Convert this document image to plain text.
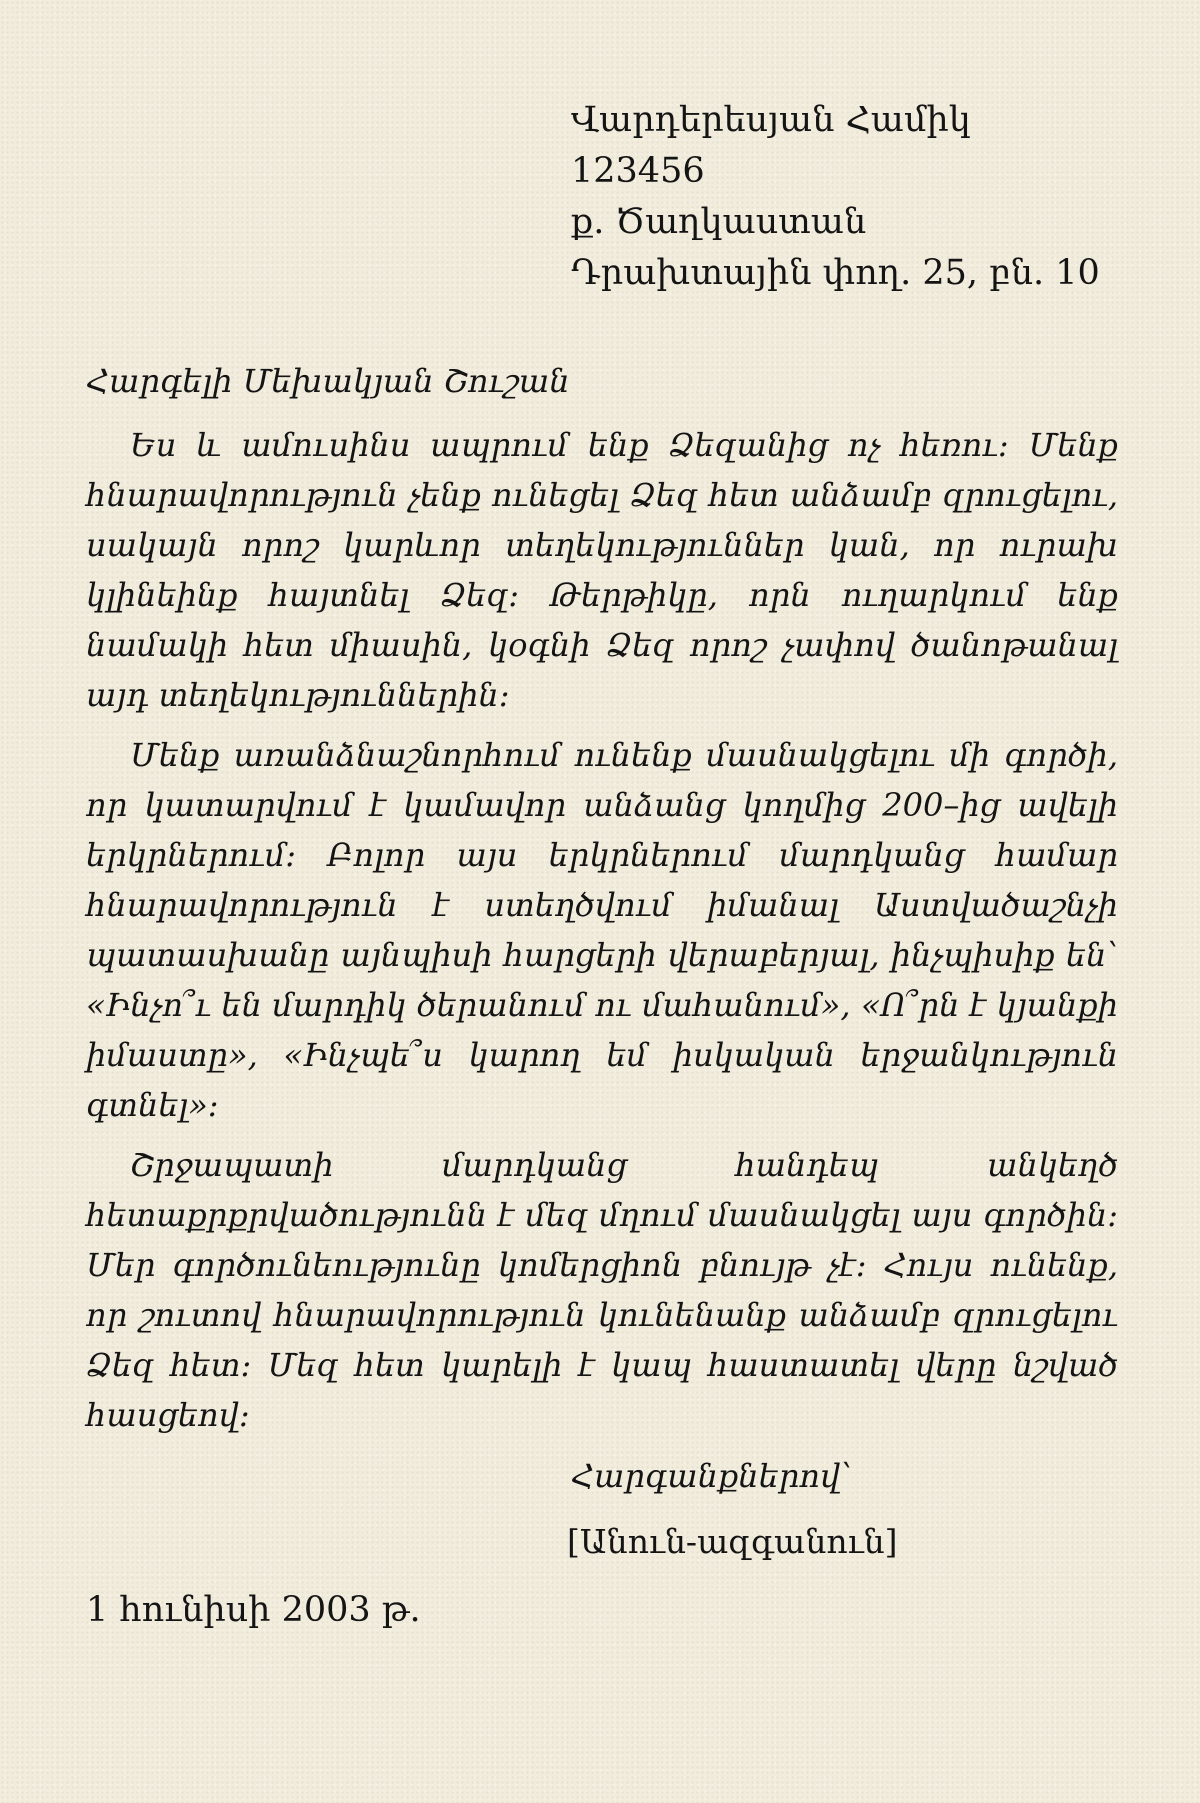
Վարդերեսյան Համիկ
123456
ք. Ծաղկաստան
Դրախտային փող. 25, բն. 10
Հարգելի Մեխակյան Շուշան

Ես և ամուսինս ապրում ենք Ձեզանից ոչ հեռու: Մենք հնարավորություն չենք ունեցել Ձեզ հետ անձամբ զրուցելու, սակայն որոշ կարևոր տեղեկություններ կան, որ ուրախ կլինեինք հայտնել Ձեզ: Թերթիկը, որն ուղարկում ենք նամակի հետ միասին, կօգնի Ձեզ որոշ չափով ծանոթանալ այդ տեղեկություններին:

Մենք առանձնաշնորհում ունենք մասնակցելու մի գործի, որ կատարվում է կամավոր անձանց կողմից 200–ից ավելի երկրներում: Բոլոր այս երկրներում մարդկանց համար հնարավորություն է ստեղծվում իմանալ Աստվածաշնչի պատասխանը այնպիսի հարցերի վերաբերյալ, ինչպիսիք են՝ «Ինչո՞ւ են մարդիկ ծերանում ու մահանում», «Ո՞րն է կյանքի իմաստը», «Ինչպե՞ս կարող եմ իսկական երջանկություն գտնել»:

Շրջապատի մարդկանց հանդեպ անկեղծ հետաքրքրվածությունն է մեզ մղում մասնակցել այս գործին: Մեր գործունեությունը կոմերցիոն բնույթ չէ: Հույս ունենք, որ շուտով հնարավորություն կունենանք անձամբ զրուցելու Ձեզ հետ: Մեզ հետ կարելի է կապ հաստատել վերը նշված հասցեով:

Հարգանքներով՝
[Անուն-ազգանուն]
1 հունիսի 2003 թ.
